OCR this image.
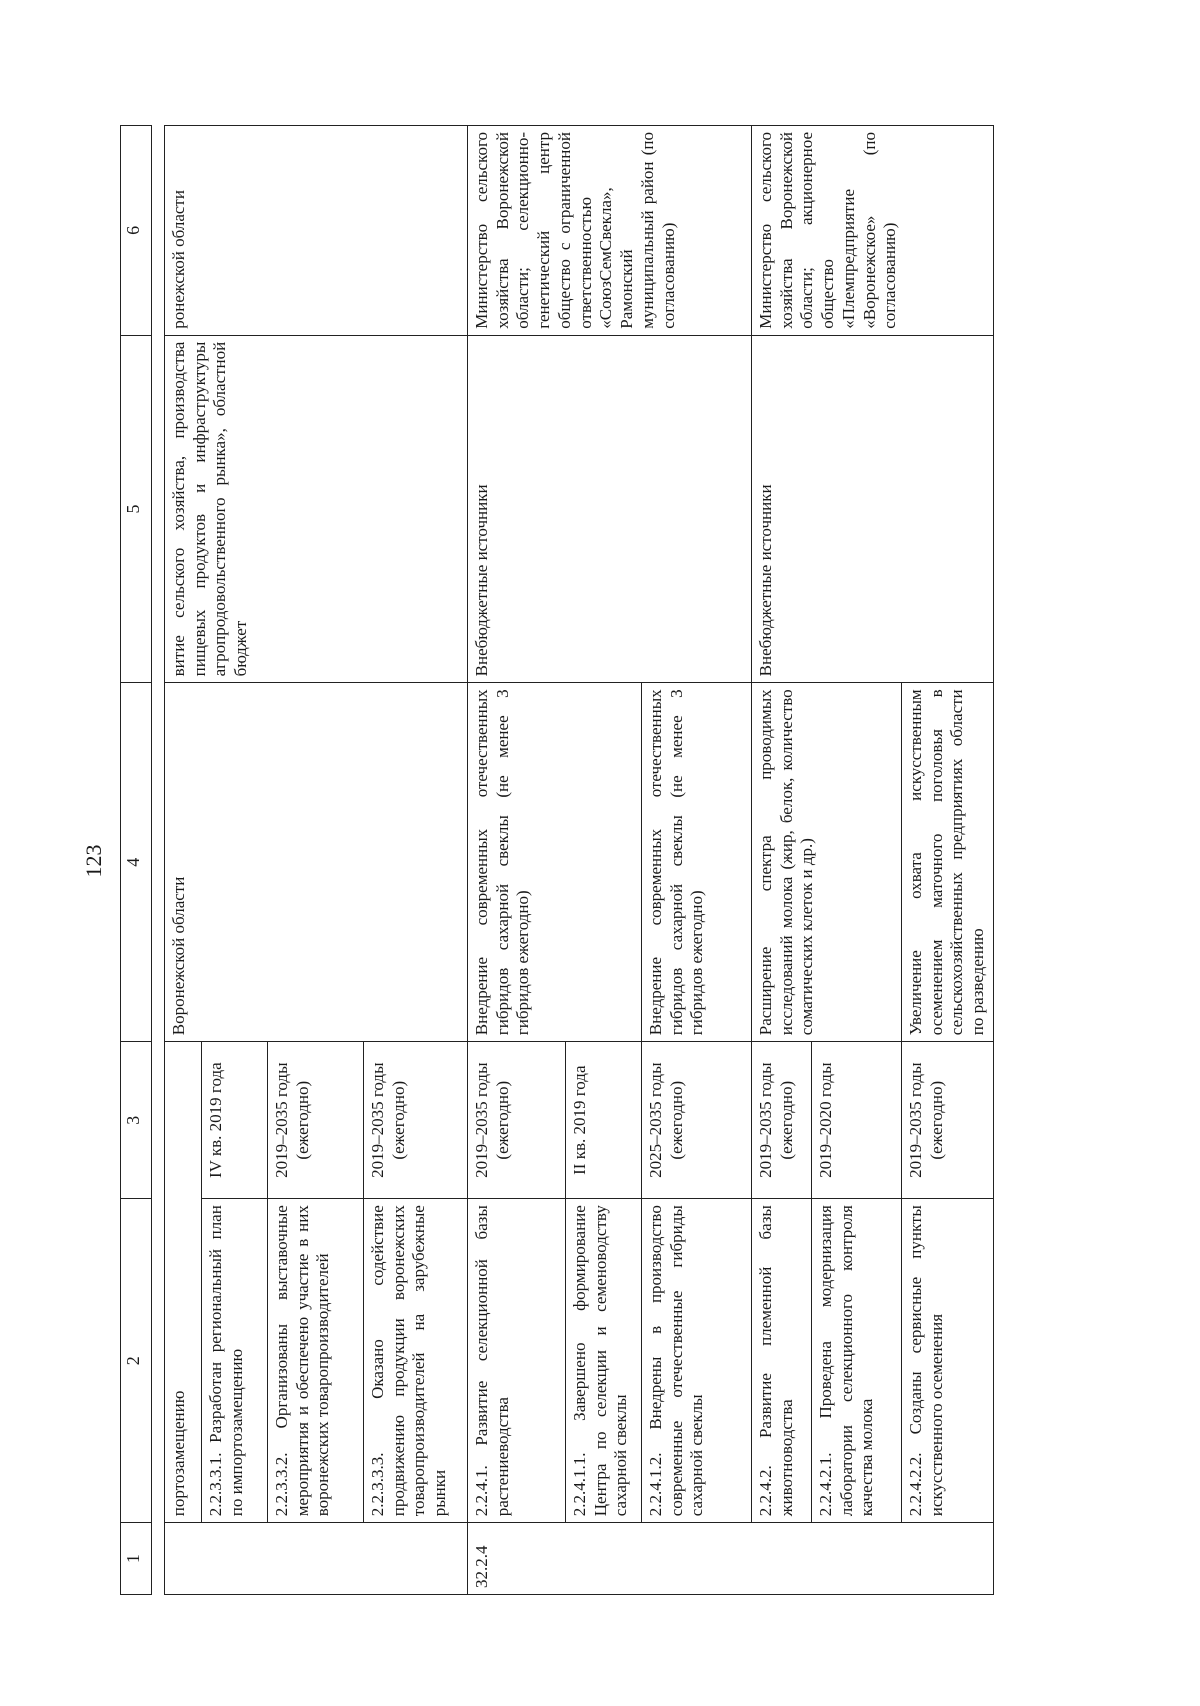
123
1	2	3	4	5	6

	портозамещению		Воронежской области	витие сельского хозяйства, производства пищевых продуктов и инфраструктуры агропродовольственного рынка», областной бюджет	ронежской области
	2.2.3.3.1. Разработан региональный план по импортозамещению	IV кв. 2019 года			
	2.2.3.3.2. Организованы выставочные мероприятия и обеспечено участие в них воронежских товаропроизводителей	2019–2035 годы (ежегодно)			
	2.2.3.3.3. Оказано содействие продвижению продукции воронежских товаропроизводителей на зарубежные рынки	2019–2035 годы (ежегодно)			
32.2.4	2.2.4.1. Развитие селекционной базы растениеводства	2019–2035 годы (ежегодно)	Внедрение современных отечественных гибридов сахарной свеклы (не менее 3 гибридов ежегодно)	Внебюджетные источники	Министерство сельского хозяйства Воронежской области; селекционно-генетический центр общество с ограниченной ответственностью «СоюзСемСвекла», Рамонский муниципальный район (по согласованию)
	2.2.4.1.1. Завершено формирование Центра по селекции и семеноводству сахарной свеклы	II кв. 2019 года			
	2.2.4.1.2. Внедрены в производство современные отечественные гибриды сахарной свеклы	2025–2035 годы (ежегодно)	Внедрение современных отечественных гибридов сахарной свеклы (не менее 3 гибридов ежегодно)		
	2.2.4.2. Развитие племенной базы животноводства	2019–2035 годы (ежегодно)	Расширение спектра проводимых исследований молока (жир, белок, количество соматических клеток и др.)	Внебюджетные источники	Министерство сельского хозяйства Воронежской области; акционерное общество «Племпредприятие «Воронежское» (по согласованию)
	2.2.4.2.1. Проведена модернизация лаборатории селекционного контроля качества молока	2019–2020 годы			
	2.2.4.2.2. Созданы сервисные пункты искусственного осеменения	2019–2035 годы (ежегодно)	Увеличение охвата искусственным осеменением маточного поголовья в сельскохозяйственных предприятиях области по разведению		
